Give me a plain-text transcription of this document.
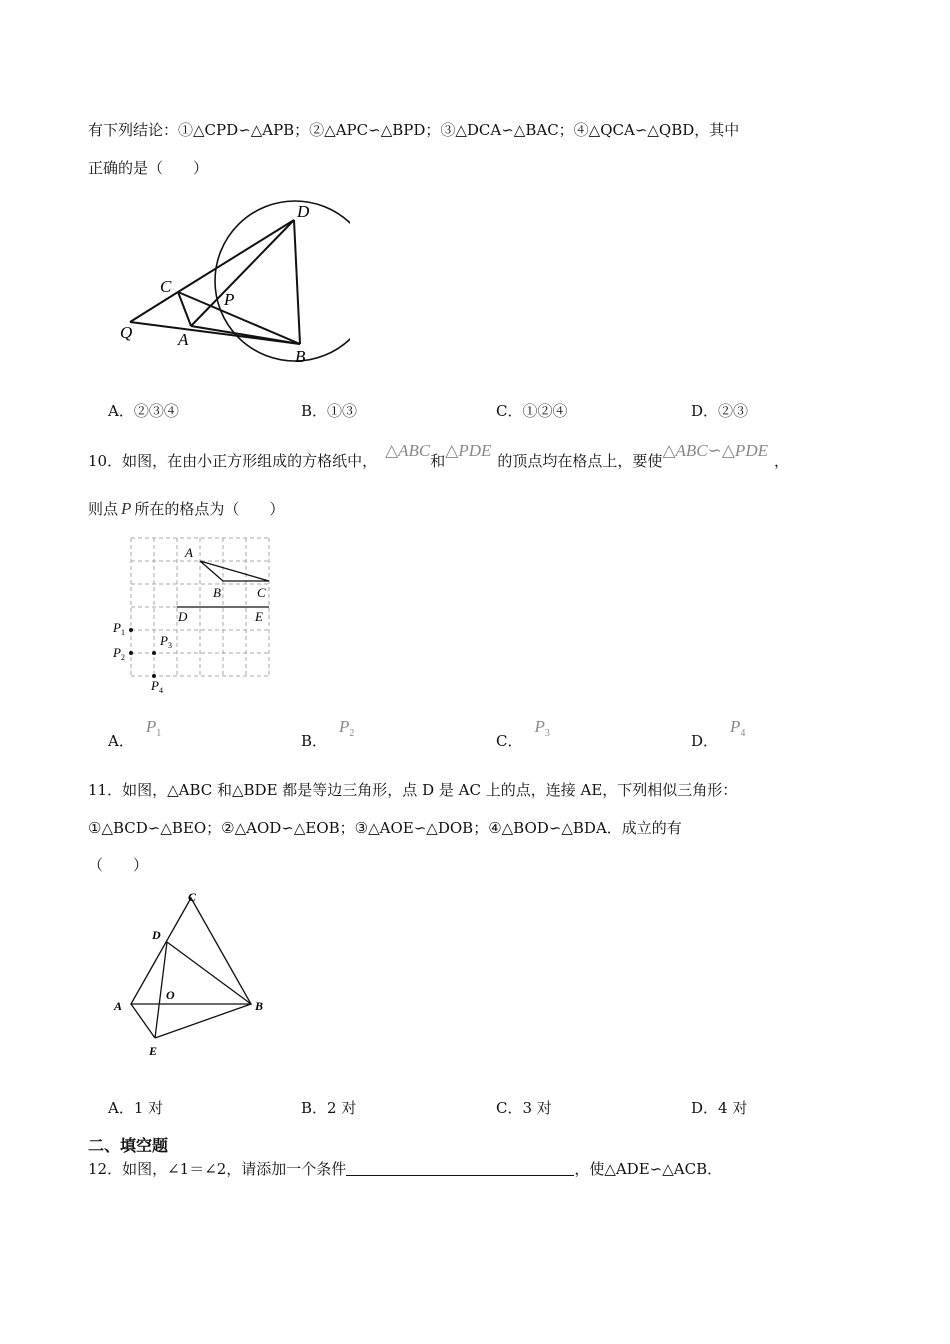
有下列结论：①△CPD∽△APB；②△APC∽△BPD；③△DCA∽△BAC；④△QCA∽△QBD，其中
正确的是（　　）
D
C
P
Q	A
B
A．②③④	B．①③	C．①②④	D．②③
10．如图，在由小正方形组成的方格纸中，△ABC和△PDE的顶点均在格点上，要使△ABC∽△PDE，
则点 P 所在的格点为（　　）
A
B	C
D	E
$P_1$
$P_2$
$P_3$
$P_4$
A．$P_1$	B．$P_2$	C．$P_3$	D．$P_4$
11．如图，△ABC 和△BDE 都是等边三角形，点 D 是 AC 上的点，连接 AE，下列相似三角形：
①△BCD∽△BEO；②△AOD∽△EOB；③△AOE∽△DOB；④△BOD∽△BDA．成立的有
（　　）
C
D
A
O
B
E
A．1 对	B．2 对	C．3 对	D．4 对
二、填空题
12．如图，∠1＝∠2，请添加一个条件	，使△ADE∽△ACB．
